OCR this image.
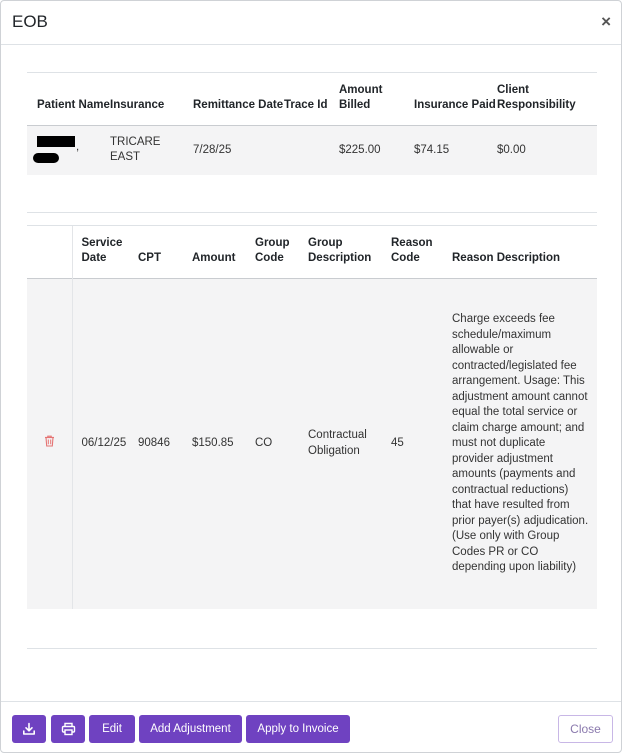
EOB	×
Patient Name	Insurance	Remittance Date	Trace Id	Amount Billed	Insurance Paid	Client Responsibility

,	TRICARE EAST	7/28/25		$225.00	$74.15	$0.00
	Service Date	CPT	Amount	Group Code	Group Description	Reason Code	Reason Description
	06/12/25	90846	$150.85	CO	Contractual Obligation	45	Charge exceeds fee schedule/maximum allowable or contracted/legislated fee arrangement. Usage: This adjustment amount cannot equal the total service or claim charge amount; and must not duplicate provider adjustment amounts (payments and contractual reductions) that have resulted from prior payer(s) adjudication. (Use only with Group Codes PR or CO depending upon liability)
Edit	Add Adjustment	Apply to Invoice	Close
